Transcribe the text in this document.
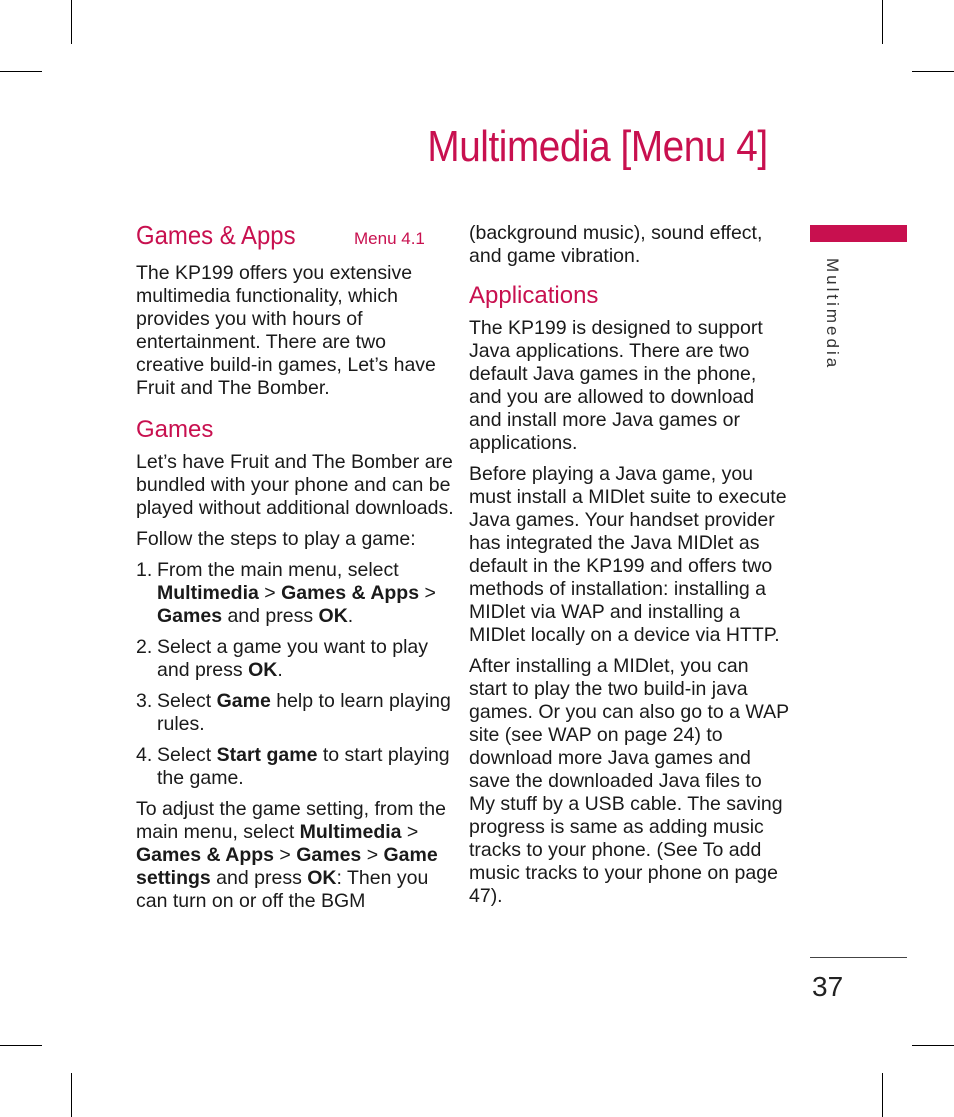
Multimedia [Menu 4]
Games & Apps	Menu 4.1

The KP199 offers you extensive multimedia functionality, which provides you with hours of entertainment. There are two creative build-in games, Let’s have Fruit and The Bomber.

Games

Let’s have Fruit and The Bomber are bundled with your phone and can be played without additional downloads.

Follow the steps to play a game:

1. From the main menu, select Multimedia > Games & Apps > Games and press OK.
2. Select a game you want to play and press OK.
3. Select Game help to learn playing rules.
4. Select Start game to start playing the game.

To adjust the game setting, from the main menu, select Multimedia > Games & Apps > Games > Game settings and press OK: Then you can turn on or off the BGM

(background music), sound effect, and game vibration.

Applications

The KP199 is designed to support Java applications. There are two default Java games in the phone, and you are allowed to download and install more Java games or applications.

Before playing a Java game, you must install a MIDlet suite to execute Java games. Your handset provider has integrated the Java MIDlet as default in the KP199 and offers two methods of installation: installing a MIDlet via WAP and installing a MIDlet locally on a device via HTTP.

After installing a MIDlet, you can start to play the two build-in java games. Or you can also go to a WAP site (see WAP on page 24) to download more Java games and save the downloaded Java files to My stuff by a USB cable. The saving progress is same as adding music tracks to your phone. (See To add music tracks to your phone on page 47).

Multimedia
37
